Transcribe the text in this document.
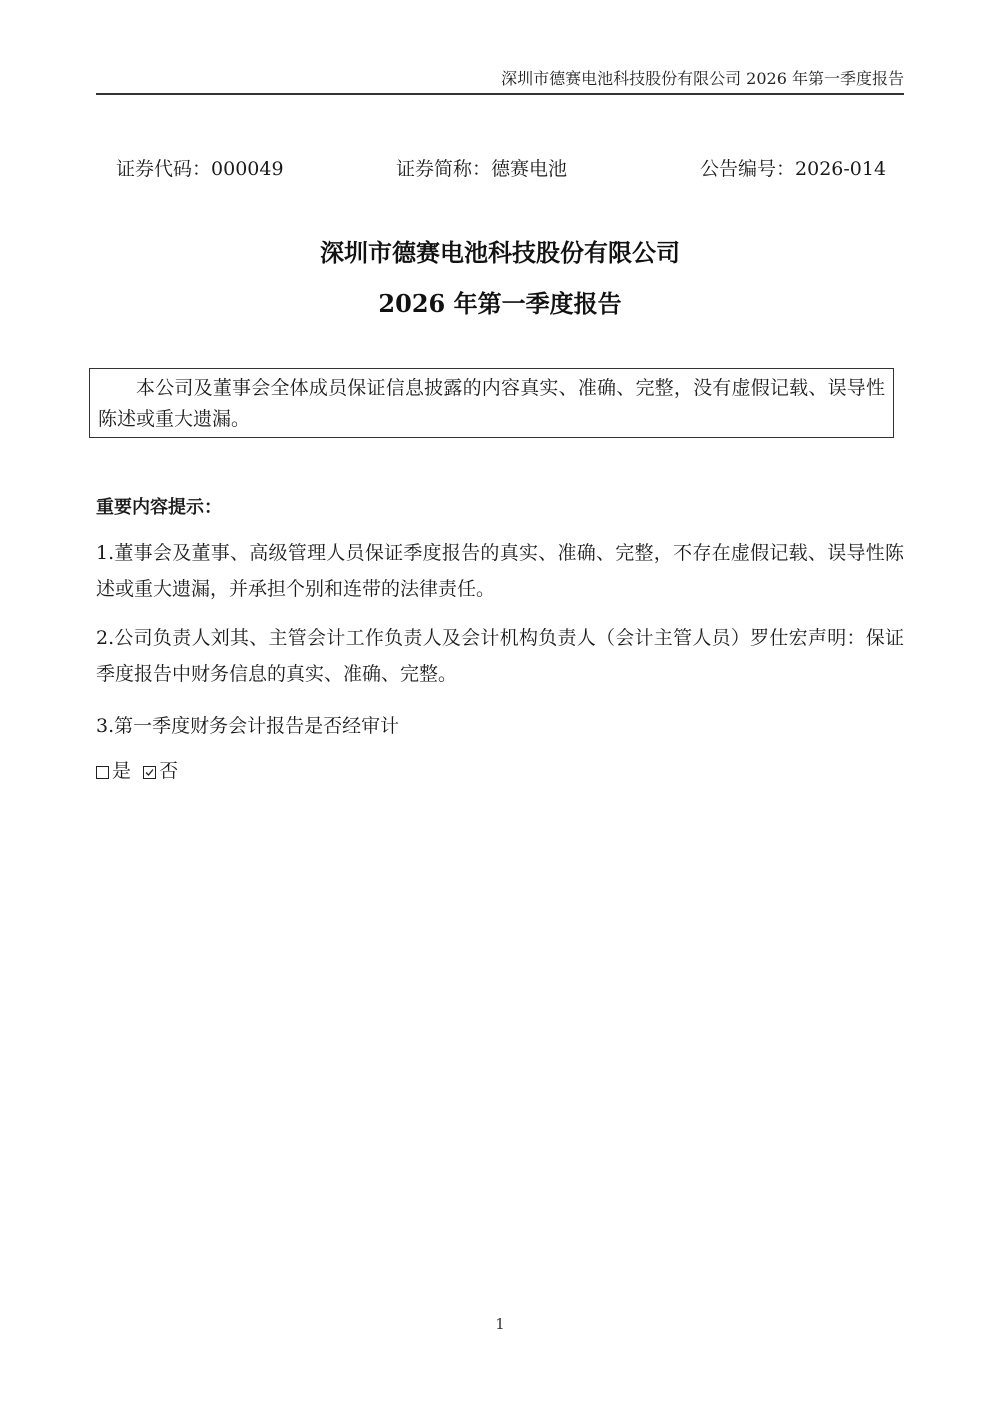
深圳市德赛电池科技股份有限公司 2026 年第一季度报告
证券代码：000049	证券简称：德赛电池	公告编号：2026-014
深圳市德赛电池科技股份有限公司
2026 年第一季度报告
本公司及董事会全体成员保证信息披露的内容真实、准确、完整，没有虚假记载、误导性陈述或重大遗漏。
重要内容提示：
1.董事会及董事、高级管理人员保证季度报告的真实、准确、完整，不存在虚假记载、误导性陈述或重大遗漏，并承担个别和连带的法律责任。
2.公司负责人刘其、主管会计工作负责人及会计机构负责人（会计主管人员）罗仕宏声明：保证季度报告中财务信息的真实、准确、完整。
3.第一季度财务会计报告是否经审计
是
否
1
